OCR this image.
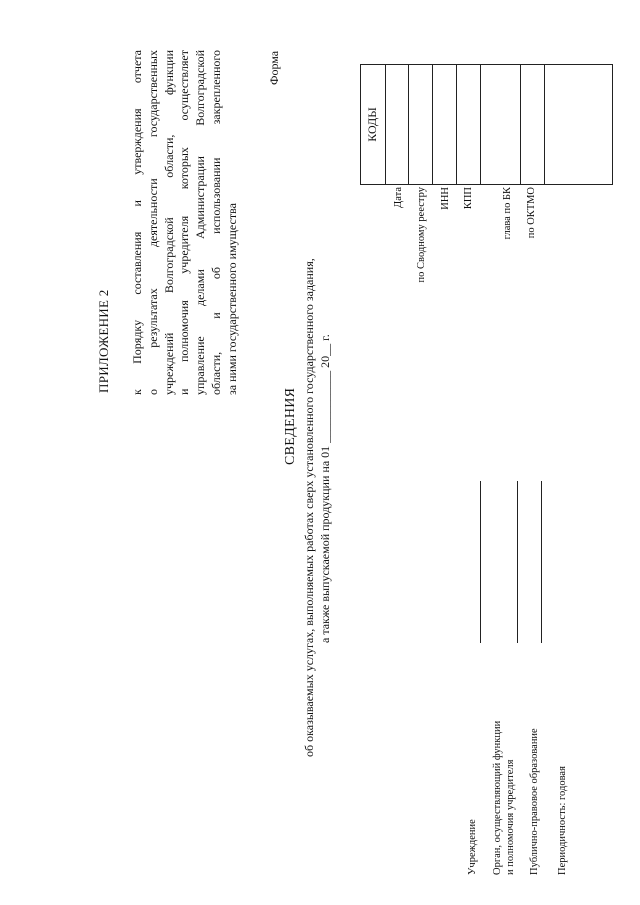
ПРИЛОЖЕНИЕ 2 к Порядку составления и утверждения отчета о результатах деятельности государственных учреждений Волгоградской области, функции и полномочия учредителя которых осуществляет управление делами Администрации Волгоградской области, и об использовании закрепленного за ними государственного имущества
Форма
СВЕДЕНИЯ об оказываемых услугах, выполняемых работах сверх установленного государственного задания, а также выпускаемой продукции на 01 ____________ 20__ г.
Учреждение Орган, осуществляющий функции и полномочия учредителя Публично-правовое образование Периодичность: годовая
Дата по Сводному реестру ИНН КПП	глава по БК по ОКТМО
КОДЫ
